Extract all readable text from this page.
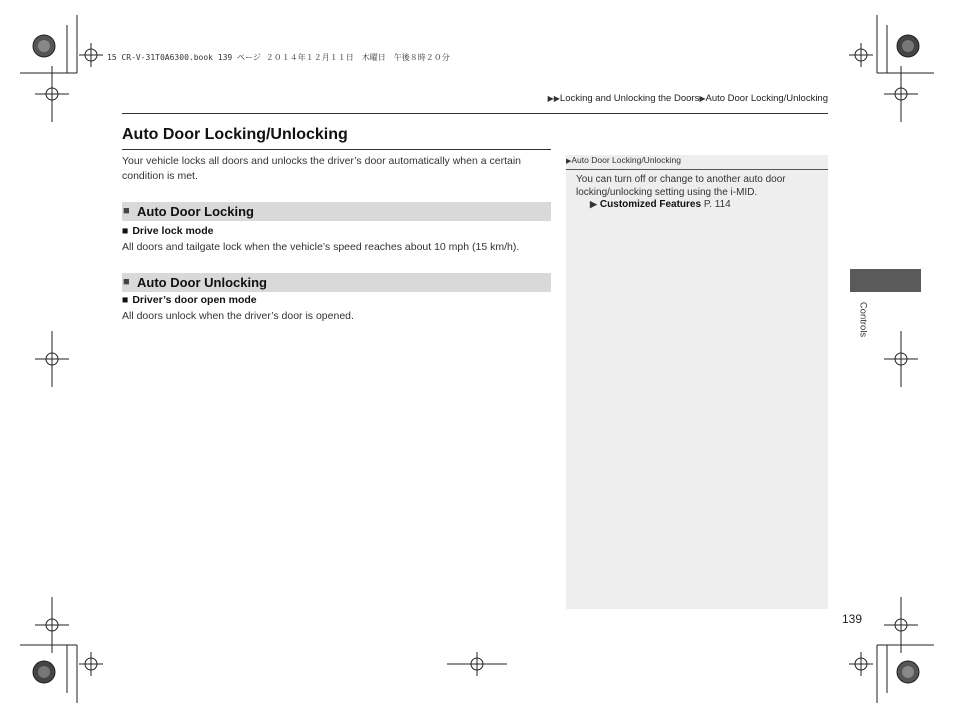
15 CR-V-31T0A6300.book 139 ページ ２０１４年１２月１１日　木曜日　午後８時２０分
▶▶Locking and Unlocking the Doors▶Auto Door Locking/Unlocking
Auto Door Locking/Unlocking
Your vehicle locks all doors and unlocks the driver’s door automatically when a certain condition is met.
■ Auto Door Locking
■ Drive lock mode
All doors and tailgate lock when the vehicle’s speed reaches about 10 mph (15 km/h).
■ Auto Door Unlocking
■ Driver’s door open mode
All doors unlock when the driver’s door is opened.
▶Auto Door Locking/Unlocking
You can turn off or change to another auto door locking/unlocking setting using the i-MID.
▶ Customized Features P. 114
Controls
139
